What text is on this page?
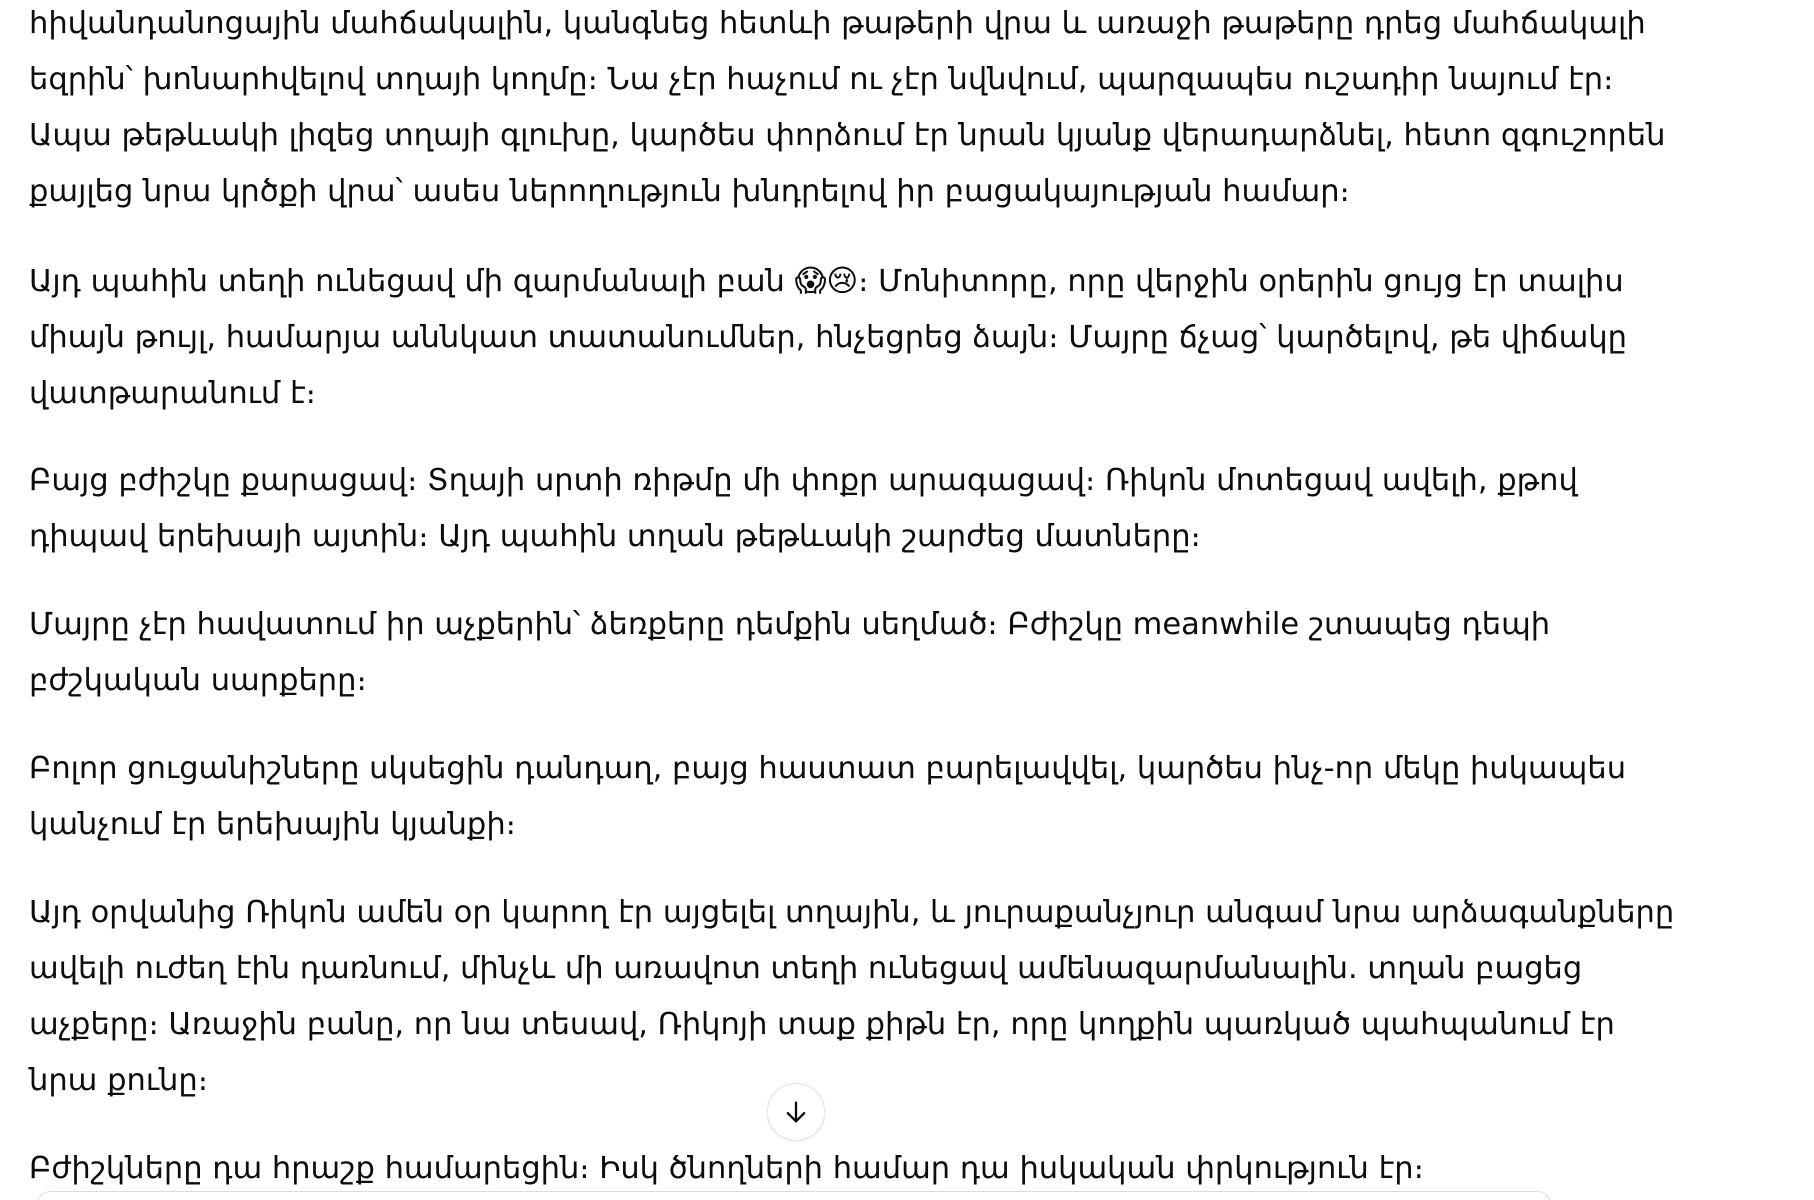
հիվանդանոցային մահճակալին, կանգնեց հետևի թաթերի վրա և առաջի թաթերը դրեց մահճակալի
եզրին՝ խոնարհվելով տղայի կողմը։ Նա չէր հաչում ու չէր նվնվում, պարզապես ուշադիր նայում էր։
Ապա թեթևակի լիզեց տղայի գլուխը, կարծես փորձում էր նրան կյանք վերադարձնել, հետո զգուշորեն
քայլեց նրա կրծքի վրա՝ ասես ներողություն խնդրելով իր բացակայության համար։
Այդ պահին տեղի ունեցավ մի զարմանալի բան 😱😢։ Մոնիտորը, որը վերջին օրերին ցույց էր տալիս
միայն թույլ, համարյա աննկատ տատանումներ, հնչեցրեց ձայն։ Մայրը ճչաց՝ կարծելով, թե վիճակը
վատթարանում է։
Բայց բժիշկը քարացավ։ Տղայի սրտի ռիթմը մի փոքր արագացավ։ Ռիկոն մոտեցավ ավելի, քթով
դիպավ երեխայի այտին։ Այդ պահին տղան թեթևակի շարժեց մատները։
Մայրը չէր հավատում իր աչքերին՝ ձեռքերը դեմքին սեղմած։ Բժիշկը meanwhile շտապեց դեպի
բժշկական սարքերը։
Բոլոր ցուցանիշները սկսեցին դանդաղ, բայց հաստատ բարելավվել, կարծես ինչ-որ մեկը իսկապես
կանչում էր երեխային կյանքի։
Այդ օրվանից Ռիկոն ամեն օր կարող էր այցելել տղային, և յուրաքանչյուր անգամ նրա արձագանքները
ավելի ուժեղ էին դառնում, մինչև մի առավոտ տեղի ունեցավ ամենազարմանալին. տղան բացեց
աչքերը։ Առաջին բանը, որ նա տեսավ, Ռիկոյի տաք քիթն էր, որը կողքին պառկած պահպանում էր
նրա քունը։
Բժիշկները դա հրաշք համարեցին։ Իսկ ծնողների համար դա իսկական փրկություն էր։
